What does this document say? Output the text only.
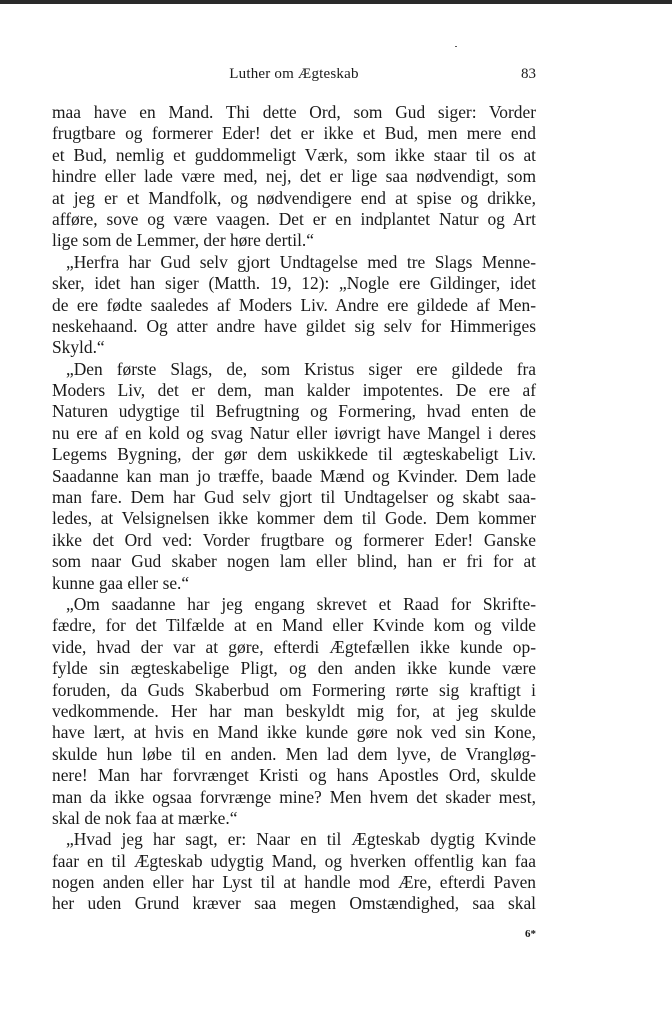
Luther om Ægteskab	83
maa have en Mand. Thi dette Ord, som Gud siger: Vorder
frugtbare og formerer Eder! det er ikke et Bud, men mere end
et Bud, nemlig et guddommeligt Værk, som ikke staar til os at
hindre eller lade være med, nej, det er lige saa nødvendigt, som
at jeg er et Mandfolk, og nødvendigere end at spise og drikke,
afføre, sove og være vaagen. Det er en indplantet Natur og Art
lige som de Lemmer, der høre dertil.“
„Herfra har Gud selv gjort Undtagelse med tre Slags Menne-
sker, idet han siger (Matth. 19, 12): „Nogle ere Gildinger, idet
de ere fødte saaledes af Moders Liv. Andre ere gildede af Men-
neskehaand. Og atter andre have gildet sig selv for Himmeriges
Skyld.“
„Den første Slags, de, som Kristus siger ere gildede fra
Moders Liv, det er dem, man kalder impotentes. De ere af
Naturen udygtige til Befrugtning og Formering, hvad enten de
nu ere af en kold og svag Natur eller iøvrigt have Mangel i deres
Legems Bygning, der gør dem uskikkede til ægteskabeligt Liv.
Saadanne kan man jo træffe, baade Mænd og Kvinder. Dem lade
man fare. Dem har Gud selv gjort til Undtagelser og skabt saa-
ledes, at Velsignelsen ikke kommer dem til Gode. Dem kommer
ikke det Ord ved: Vorder frugtbare og formerer Eder! Ganske
som naar Gud skaber nogen lam eller blind, han er fri for at
kunne gaa eller se.“
„Om saadanne har jeg engang skrevet et Raad for Skrifte-
fædre, for det Tilfælde at en Mand eller Kvinde kom og vilde
vide, hvad der var at gøre, efterdi Ægtefællen ikke kunde op-
fylde sin ægteskabelige Pligt, og den anden ikke kunde være
foruden, da Guds Skaberbud om Formering rørte sig kraftigt i
vedkommende. Her har man beskyldt mig for, at jeg skulde
have lært, at hvis en Mand ikke kunde gøre nok ved sin Kone,
skulde hun løbe til en anden. Men lad dem lyve, de Vrangløg-
nere! Man har forvrænget Kristi og hans Apostles Ord, skulde
man da ikke ogsaa forvrænge mine? Men hvem det skader mest,
skal de nok faa at mærke.“
„Hvad jeg har sagt, er: Naar en til Ægteskab dygtig Kvinde
faar en til Ægteskab udygtig Mand, og hverken offentlig kan faa
nogen anden eller har Lyst til at handle mod Ære, efterdi Paven
her uden Grund kræver saa megen Omstændighed, saa skal
6*
